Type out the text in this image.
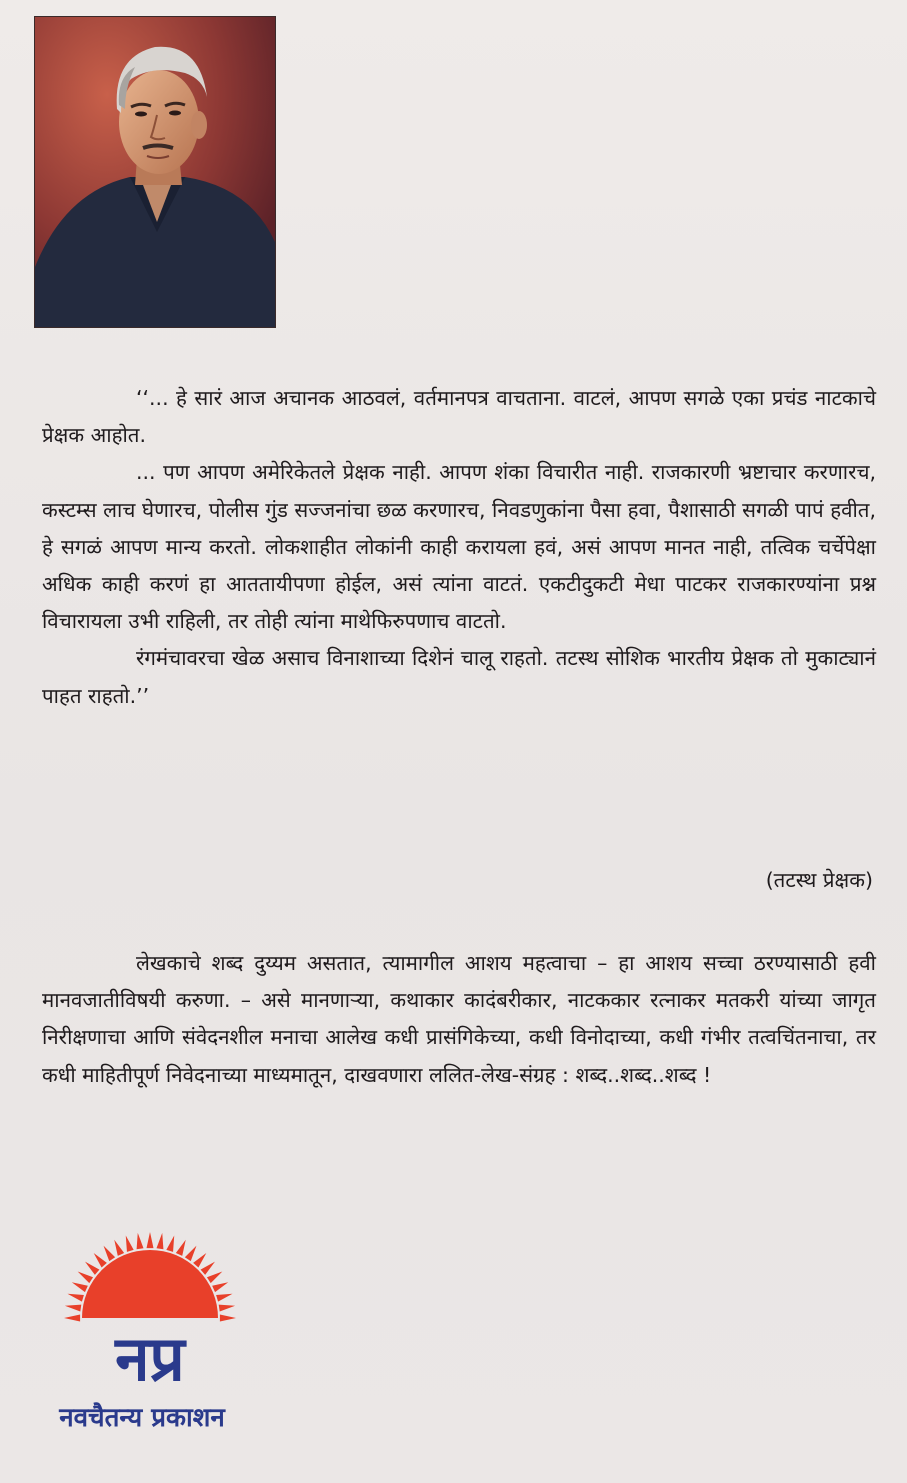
‘‘... हे सारं आज अचानक आठवलं, वर्तमानपत्र वाचताना. वाटलं, आपण सगळे एका प्रचंड नाटकाचे प्रेक्षक आहोत.

... पण आपण अमेरिकेतले प्रेक्षक नाही. आपण शंका विचारीत नाही. राजकारणी भ्रष्टाचार करणारच, कस्टम्स लाच घेणारच, पोलीस गुंड सज्जनांचा छळ करणारच, निवडणुकांना पैसा हवा, पैशासाठी सगळी पापं हवीत, हे सगळं आपण मान्य करतो. लोकशाहीत लोकांनी काही करायला हवं, असं आपण मानत नाही, तत्विक चर्चेपेक्षा अधिक काही करणं हा आततायीपणा होईल, असं त्यांना वाटतं. एकटीदुकटी मेधा पाटकर राजकारण्यांना प्रश्न विचारायला उभी राहिली, तर तोही त्यांना माथेफिरुपणाच वाटतो.

रंगमंचावरचा खेळ असाच विनाशाच्या दिशेनं चालू राहतो. तटस्थ सोशिक भारतीय प्रेक्षक तो मुकाट्यानं पाहत राहतो.’’

(तटस्थ प्रेक्षक)

लेखकाचे शब्द दुय्यम असतात, त्यामागील आशय महत्वाचा – हा आशय सच्चा ठरण्यासाठी हवी मानवजातीविषयी करुणा. – असे मानणाऱ्या, कथाकार कादंबरीकार, नाटककार रत्नाकर मतकरी यांच्या जागृत निरीक्षणाचा आणि संवेदनशील मनाचा आलेख कधी प्रासंगिकेच्या, कधी विनोदाच्या, कधी गंभीर तत्वचिंतनाचा, तर कधी माहितीपूर्ण निवेदनाच्या माध्यमातून, दाखवणारा ललित-लेख-संग्रह : शब्द..शब्द..शब्द !

नप्र
नवचैतन्य प्रकाशन
